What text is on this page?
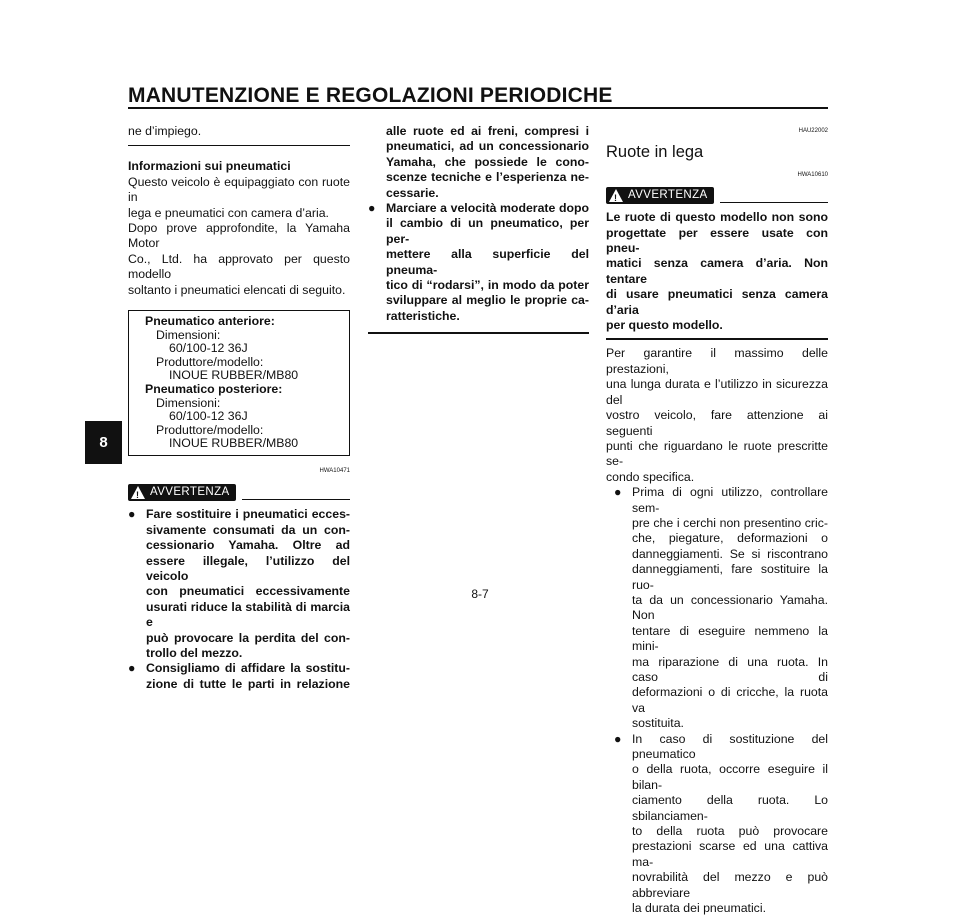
MANUTENZIONE E REGOLAZIONI PERIODICHE
8
8-7

ne d’impiego.

Informazioni sui pneumatici

Questo veicolo è equipaggiato con ruote in
lega e pneumatici con camera d’aria.
Dopo prove approfondite, la Yamaha Motor
Co., Ltd. ha approvato per questo modello
soltanto i pneumatici elencati di seguito.
Pneumatico anteriore:
Dimensioni:
60/100-12 36J
Produttore/modello:
INOUE RUBBER/MB80
Pneumatico posteriore:
Dimensioni:
60/100-12 36J
Produttore/modello:
INOUE RUBBER/MB80
HWA10471
! AVVERTENZA
● Fare sostituire i pneumatici ecces-
sivamente consumati da un con-
cessionario Yamaha. Oltre ad
essere illegale, l’utilizzo del veicolo
con pneumatici eccessivamente
usurati riduce la stabilità di marcia e
può provocare la perdita del con-
trollo del mezzo.
● Consigliamo di affidare la sostitu-
zione di tutte le parti in relazione
alle ruote ed ai freni, compresi i
pneumatici, ad un concessionario
Yamaha, che possiede le cono-
scenze tecniche e l’esperienza ne-
cessarie.
● Marciare a velocità moderate dopo
il cambio di un pneumatico, per per-
mettere alla superficie del pneuma-
tico di “rodarsi”, in modo da poter
sviluppare al meglio le proprie ca-
ratteristiche.
HAU22002
Ruote in lega
HWA10610
! AVVERTENZA
Le ruote di questo modello non sono
progettate per essere usate con pneu-
matici senza camera d’aria. Non tentare
di usare pneumatici senza camera d’aria
per questo modello.
Per garantire il massimo delle prestazioni,
una lunga durata e l’utilizzo in sicurezza del
vostro veicolo, fare attenzione ai seguenti
punti che riguardano le ruote prescritte se-
condo specifica.
● Prima di ogni utilizzo, controllare sem-
pre che i cerchi non presentino cric-
che, piegature, deformazioni o
danneggiamenti. Se si riscontrano
danneggiamenti, fare sostituire la ruo-
ta da un concessionario Yamaha. Non
tentare di eseguire nemmeno la mini-
ma riparazione di una ruota. In caso di
deformazioni o di cricche, la ruota va
sostituita.
● In caso di sostituzione del pneumatico
o della ruota, occorre eseguire il bilan-
ciamento della ruota. Lo sbilanciamen-
to della ruota può provocare
prestazioni scarse ed una cattiva ma-
novrabilità del mezzo e può abbreviare
la durata dei pneumatici.
